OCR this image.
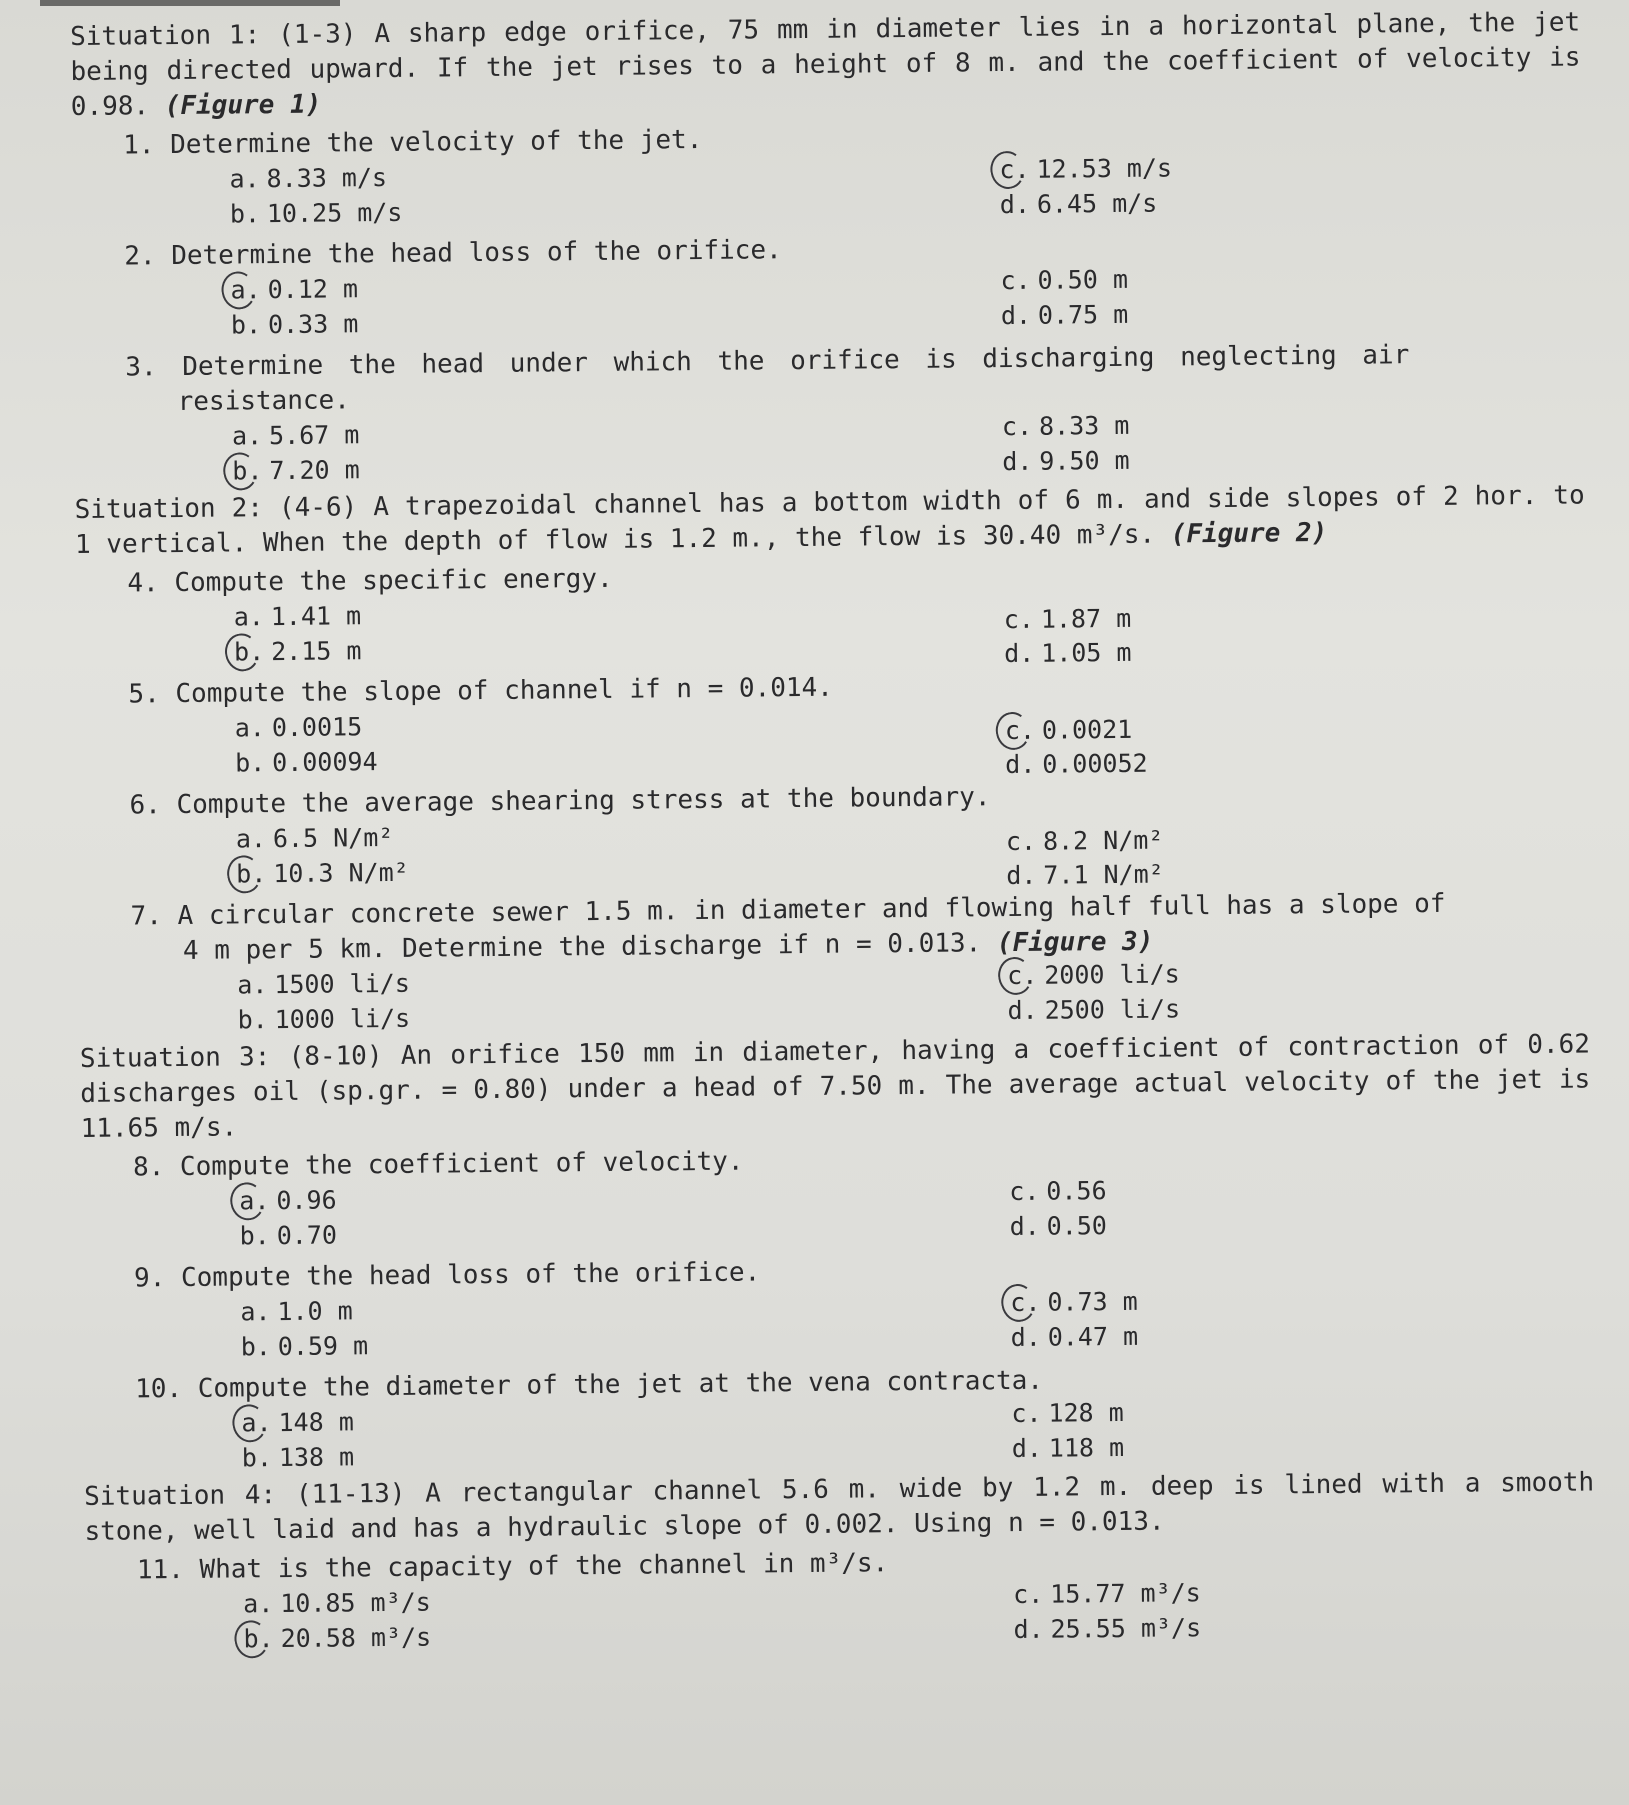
Situation 1: (1-3) A sharp edge orifice, 75 mm in diameter lies in a horizontal plane, the jet being directed upward. If the jet rises to a height of 8 m. and the coefficient of velocity is 0.98. (Figure 1)

1. Determine the velocity of the jet.
a. 8.33 m/s
b. 10.25 m/s
c. 12.53 m/s
d. 6.45 m/s
2. Determine the head loss of the orifice.
a. 0.12 m
b. 0.33 m
c. 0.50 m
d. 0.75 m
3. Determine the head under which the orifice is discharging neglecting air
resistance.
a. 5.67 m
b. 7.20 m
c. 8.33 m
d. 9.50 m

Situation 2: (4-6) A trapezoidal channel has a bottom width of 6 m. and side slopes of 2 hor. to 1 vertical. When the depth of flow is 1.2 m., the flow is 30.40 m³/s. (Figure 2)

4. Compute the specific energy.
a. 1.41 m
b. 2.15 m
c. 1.87 m
d. 1.05 m
5. Compute the slope of channel if n = 0.014.
a. 0.0015
b. 0.00094
c. 0.0021
d. 0.00052
6. Compute the average shearing stress at the boundary.
a. 6.5 N/m²
b. 10.3 N/m²
c. 8.2 N/m²
d. 7.1 N/m²
7. A circular concrete sewer 1.5 m. in diameter and flowing half full has a slope of
4 m per 5 km. Determine the discharge if n = 0.013. (Figure 3)
a. 1500 li/s
b. 1000 li/s
c. 2000 li/s
d. 2500 li/s

Situation 3: (8-10) An orifice 150 mm in diameter, having a coefficient of contraction of 0.62 discharges oil (sp.gr. = 0.80) under a head of 7.50 m. The average actual velocity of the jet is 11.65 m/s.

8. Compute the coefficient of velocity.
a. 0.96
b. 0.70
c. 0.56
d. 0.50
9. Compute the head loss of the orifice.
a. 1.0 m
b. 0.59 m
c. 0.73 m
d. 0.47 m
10. Compute the diameter of the jet at the vena contracta.
a. 148 m
b. 138 m
c. 128 m
d. 118 m

Situation 4: (11-13) A rectangular channel 5.6 m. wide by 1.2 m. deep is lined with a smooth stone, well laid and has a hydraulic slope of 0.002. Using n = 0.013.

11. What is the capacity of the channel in m³/s.
a. 10.85 m³/s
b. 20.58 m³/s
c. 15.77 m³/s
d. 25.55 m³/s
